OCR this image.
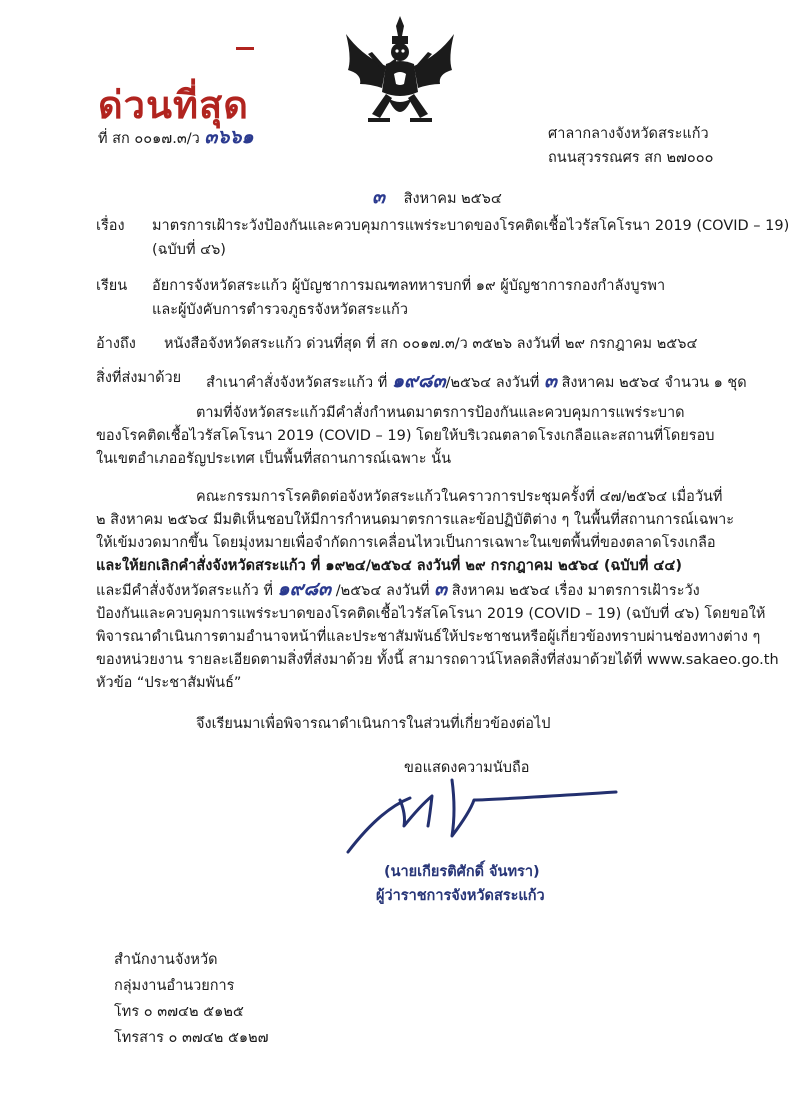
ด่วนที่สุด
ที่ สก ๐๐๑๗.๓/ว ๓๖๖๑	ศาลากลางจังหวัดสระแก้ว
ถนนสุวรรณศร สก ๒๗๐๐๐
๓ สิงหาคม ๒๕๖๔
เรื่อง มาตรการเฝ้าระวังป้องกันและควบคุมการแพร่ระบาดของโรคติดเชื้อไวรัสโคโรนา 2019 (COVID – 19)
(ฉบับที่ ๔๖)
เรียน อัยการจังหวัดสระแก้ว ผู้บัญชาการมณฑลทหารบกที่ ๑๙ ผู้บัญชาการกองกำลังบูรพา
และผู้บังคับการตำรวจภูธรจังหวัดสระแก้ว
อ้างถึง หนังสือจังหวัดสระแก้ว ด่วนที่สุด ที่ สก ๐๐๑๗.๓/ว ๓๕๒๖ ลงวันที่ ๒๙ กรกฎาคม ๒๕๖๔
สิ่งที่ส่งมาด้วย สำเนาคำสั่งจังหวัดสระแก้ว ที่ ๑๙๘๓/๒๕๖๔ ลงวันที่ ๓ สิงหาคม ๒๕๖๔ จำนวน ๑ ชุด
ตามที่จังหวัดสระแก้วมีคำสั่งกำหนดมาตรการป้องกันและควบคุมการแพร่ระบาด
ของโรคติดเชื้อไวรัสโคโรนา 2019 (COVID – 19) โดยให้บริเวณตลาดโรงเกลือและสถานที่โดยรอบ
ในเขตอำเภออรัญประเทศ เป็นพื้นที่สถานการณ์เฉพาะ นั้น
คณะกรรมการโรคติดต่อจังหวัดสระแก้วในคราวการประชุมครั้งที่ ๔๗/๒๕๖๔ เมื่อวันที่
๒ สิงหาคม ๒๕๖๔ มีมติเห็นชอบให้มีการกำหนดมาตรการและข้อปฏิบัติต่าง ๆ ในพื้นที่สถานการณ์เฉพาะ
ให้เข้มงวดมากขึ้น โดยมุ่งหมายเพื่อจำกัดการเคลื่อนไหวเป็นการเฉพาะในเขตพื้นที่ของตลาดโรงเกลือ
และให้ยกเลิกคำสั่งจังหวัดสระแก้ว ที่ ๑๙๒๔/๒๕๖๔ ลงวันที่ ๒๙ กรกฎาคม ๒๕๖๔ (ฉบับที่ ๔๔)
และมีคำสั่งจังหวัดสระแก้ว ที่ ๑๙๘๓ /๒๕๖๔ ลงวันที่ ๓ สิงหาคม ๒๕๖๔ เรื่อง มาตรการเฝ้าระวัง
ป้องกันและควบคุมการแพร่ระบาดของโรคติดเชื้อไวรัสโคโรนา 2019 (COVID – 19) (ฉบับที่ ๔๖) โดยขอให้
พิจารณาดำเนินการตามอำนาจหน้าที่และประชาสัมพันธ์ให้ประชาชนหรือผู้เกี่ยวข้องทราบผ่านช่องทางต่าง ๆ
ของหน่วยงาน รายละเอียดตามสิ่งที่ส่งมาด้วย ทั้งนี้ สามารถดาวน์โหลดสิ่งที่ส่งมาด้วยได้ที่ www.sakaeo.go.th
หัวข้อ “ประชาสัมพันธ์”
จึงเรียนมาเพื่อพิจารณาดำเนินการในส่วนที่เกี่ยวข้องต่อไป
ขอแสดงความนับถือ
(นายเกียรติศักดิ์ จันทรา)
ผู้ว่าราชการจังหวัดสระแก้ว
สำนักงานจังหวัด
กลุ่มงานอำนวยการ
โทร ๐ ๓๗๔๒ ๕๑๒๕
โทรสาร ๐ ๓๗๔๒ ๕๑๒๗
